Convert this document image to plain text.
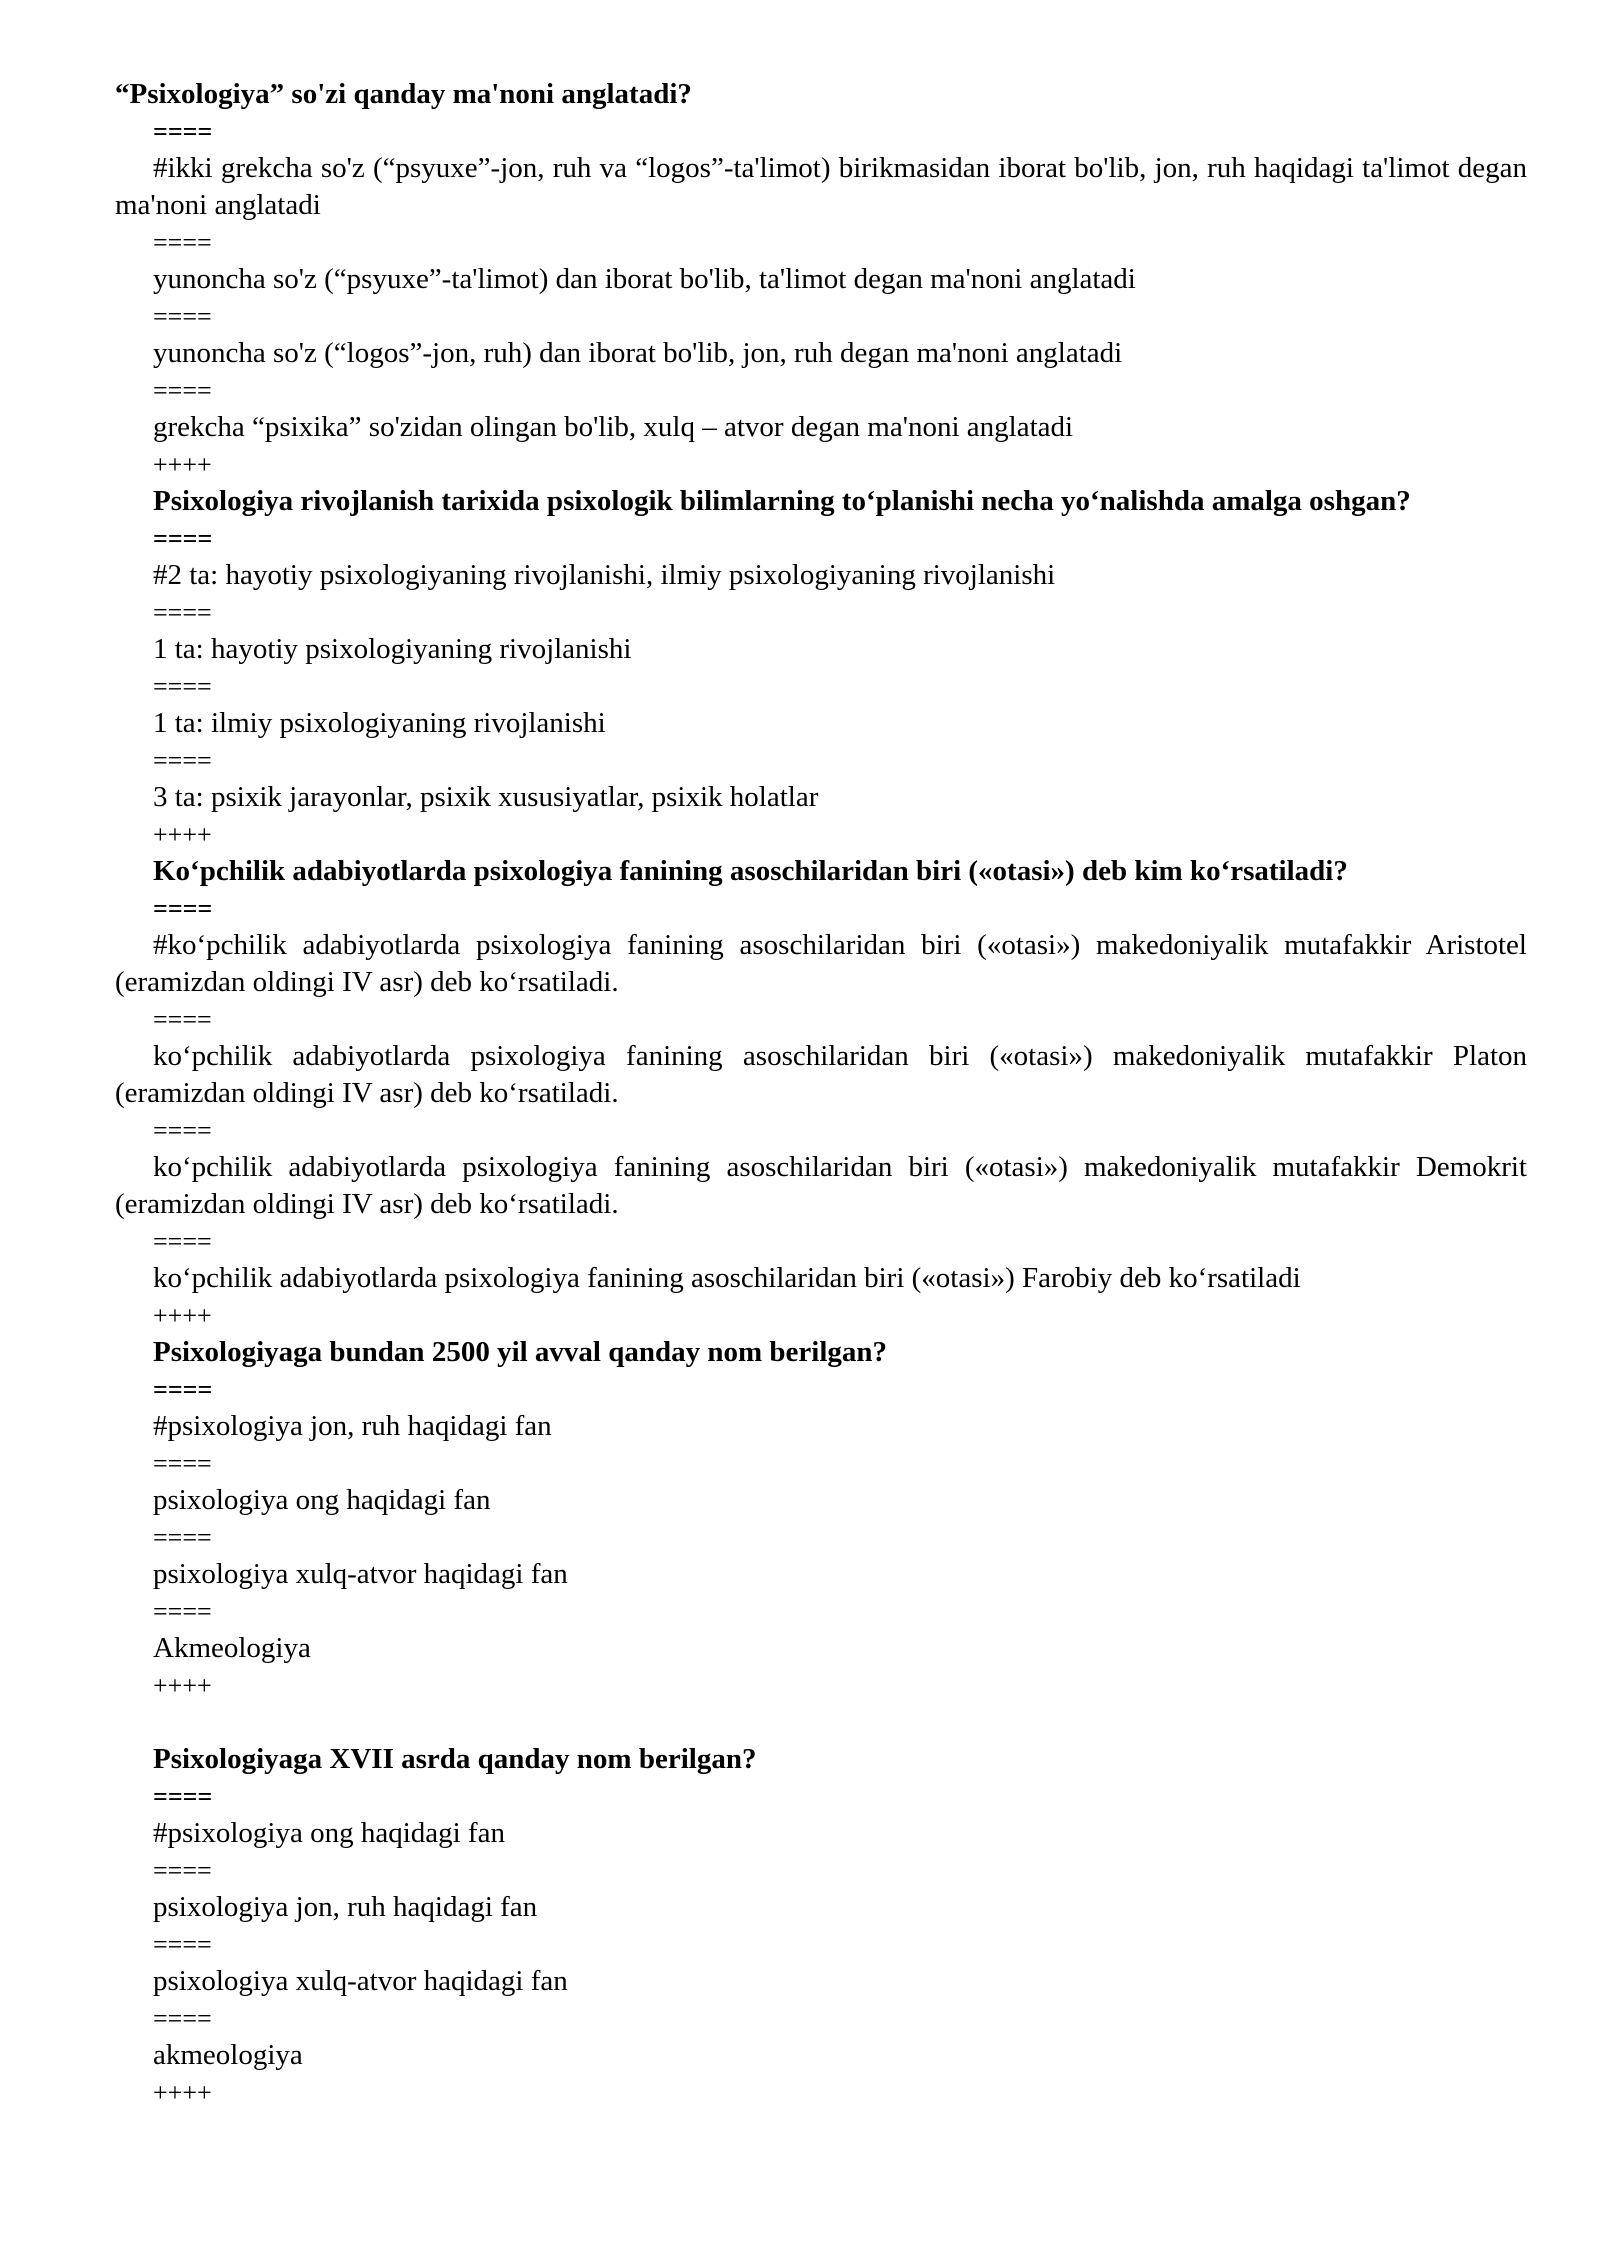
“Psixologiya” so'zi qanday ma'noni anglatadi?

====

#ikki grekcha so'z (“psyuxe”-jon, ruh va “logos”-ta'limot) birikmasidan iborat bo'lib, jon, ruh haqidagi ta'limot degan ma'noni anglatadi

====

yunoncha so'z (“psyuxe”-ta'limot) dan iborat bo'lib, ta'limot degan ma'noni anglatadi

====

yunoncha so'z (“logos”-jon, ruh) dan iborat bo'lib, jon, ruh degan ma'noni anglatadi

====

grekcha “psixika” so'zidan olingan bo'lib, xulq – atvor degan ma'noni anglatadi

++++

Psixologiya rivojlanish tarixida psixologik bilimlarning to‘planishi necha yo‘nalishda amalga oshgan?

====

#2 ta: hayotiy psixologiyaning rivojlanishi, ilmiy psixologiyaning rivojlanishi

====

1 ta: hayotiy psixologiyaning rivojlanishi

====

1 ta: ilmiy psixologiyaning rivojlanishi

====

3 ta: psixik jarayonlar, psixik xususiyatlar, psixik holatlar

++++

Ko‘pchilik adabiyotlarda psixologiya fanining asoschilaridan biri («otasi») deb kim ko‘rsatiladi?

====

#ko‘pchilik adabiyotlarda psixologiya fanining asoschilaridan biri («otasi») makedoniyalik mutafakkir Aristotel (eramizdan oldingi IV asr) deb ko‘rsatiladi.

====

ko‘pchilik adabiyotlarda psixologiya fanining asoschilaridan biri («otasi») makedoniyalik mutafakkir Platon (eramizdan oldingi IV asr) deb ko‘rsatiladi.

====

ko‘pchilik adabiyotlarda psixologiya fanining asoschilaridan biri («otasi») makedoniyalik mutafakkir Demokrit (eramizdan oldingi IV asr) deb ko‘rsatiladi.

====

ko‘pchilik adabiyotlarda psixologiya fanining asoschilaridan biri («otasi») Farobiy deb ko‘rsatiladi

++++

Psixologiyaga bundan 2500 yil avval qanday nom berilgan?

====

#psixologiya jon, ruh haqidagi fan

====

psixologiya ong haqidagi fan

====

psixologiya xulq-atvor haqidagi fan

====

Akmeologiya

++++

Psixologiyaga XVII asrda qanday nom berilgan?

====

#psixologiya ong haqidagi fan

====

psixologiya jon, ruh haqidagi fan

====

psixologiya xulq-atvor haqidagi fan

====

akmeologiya

++++
